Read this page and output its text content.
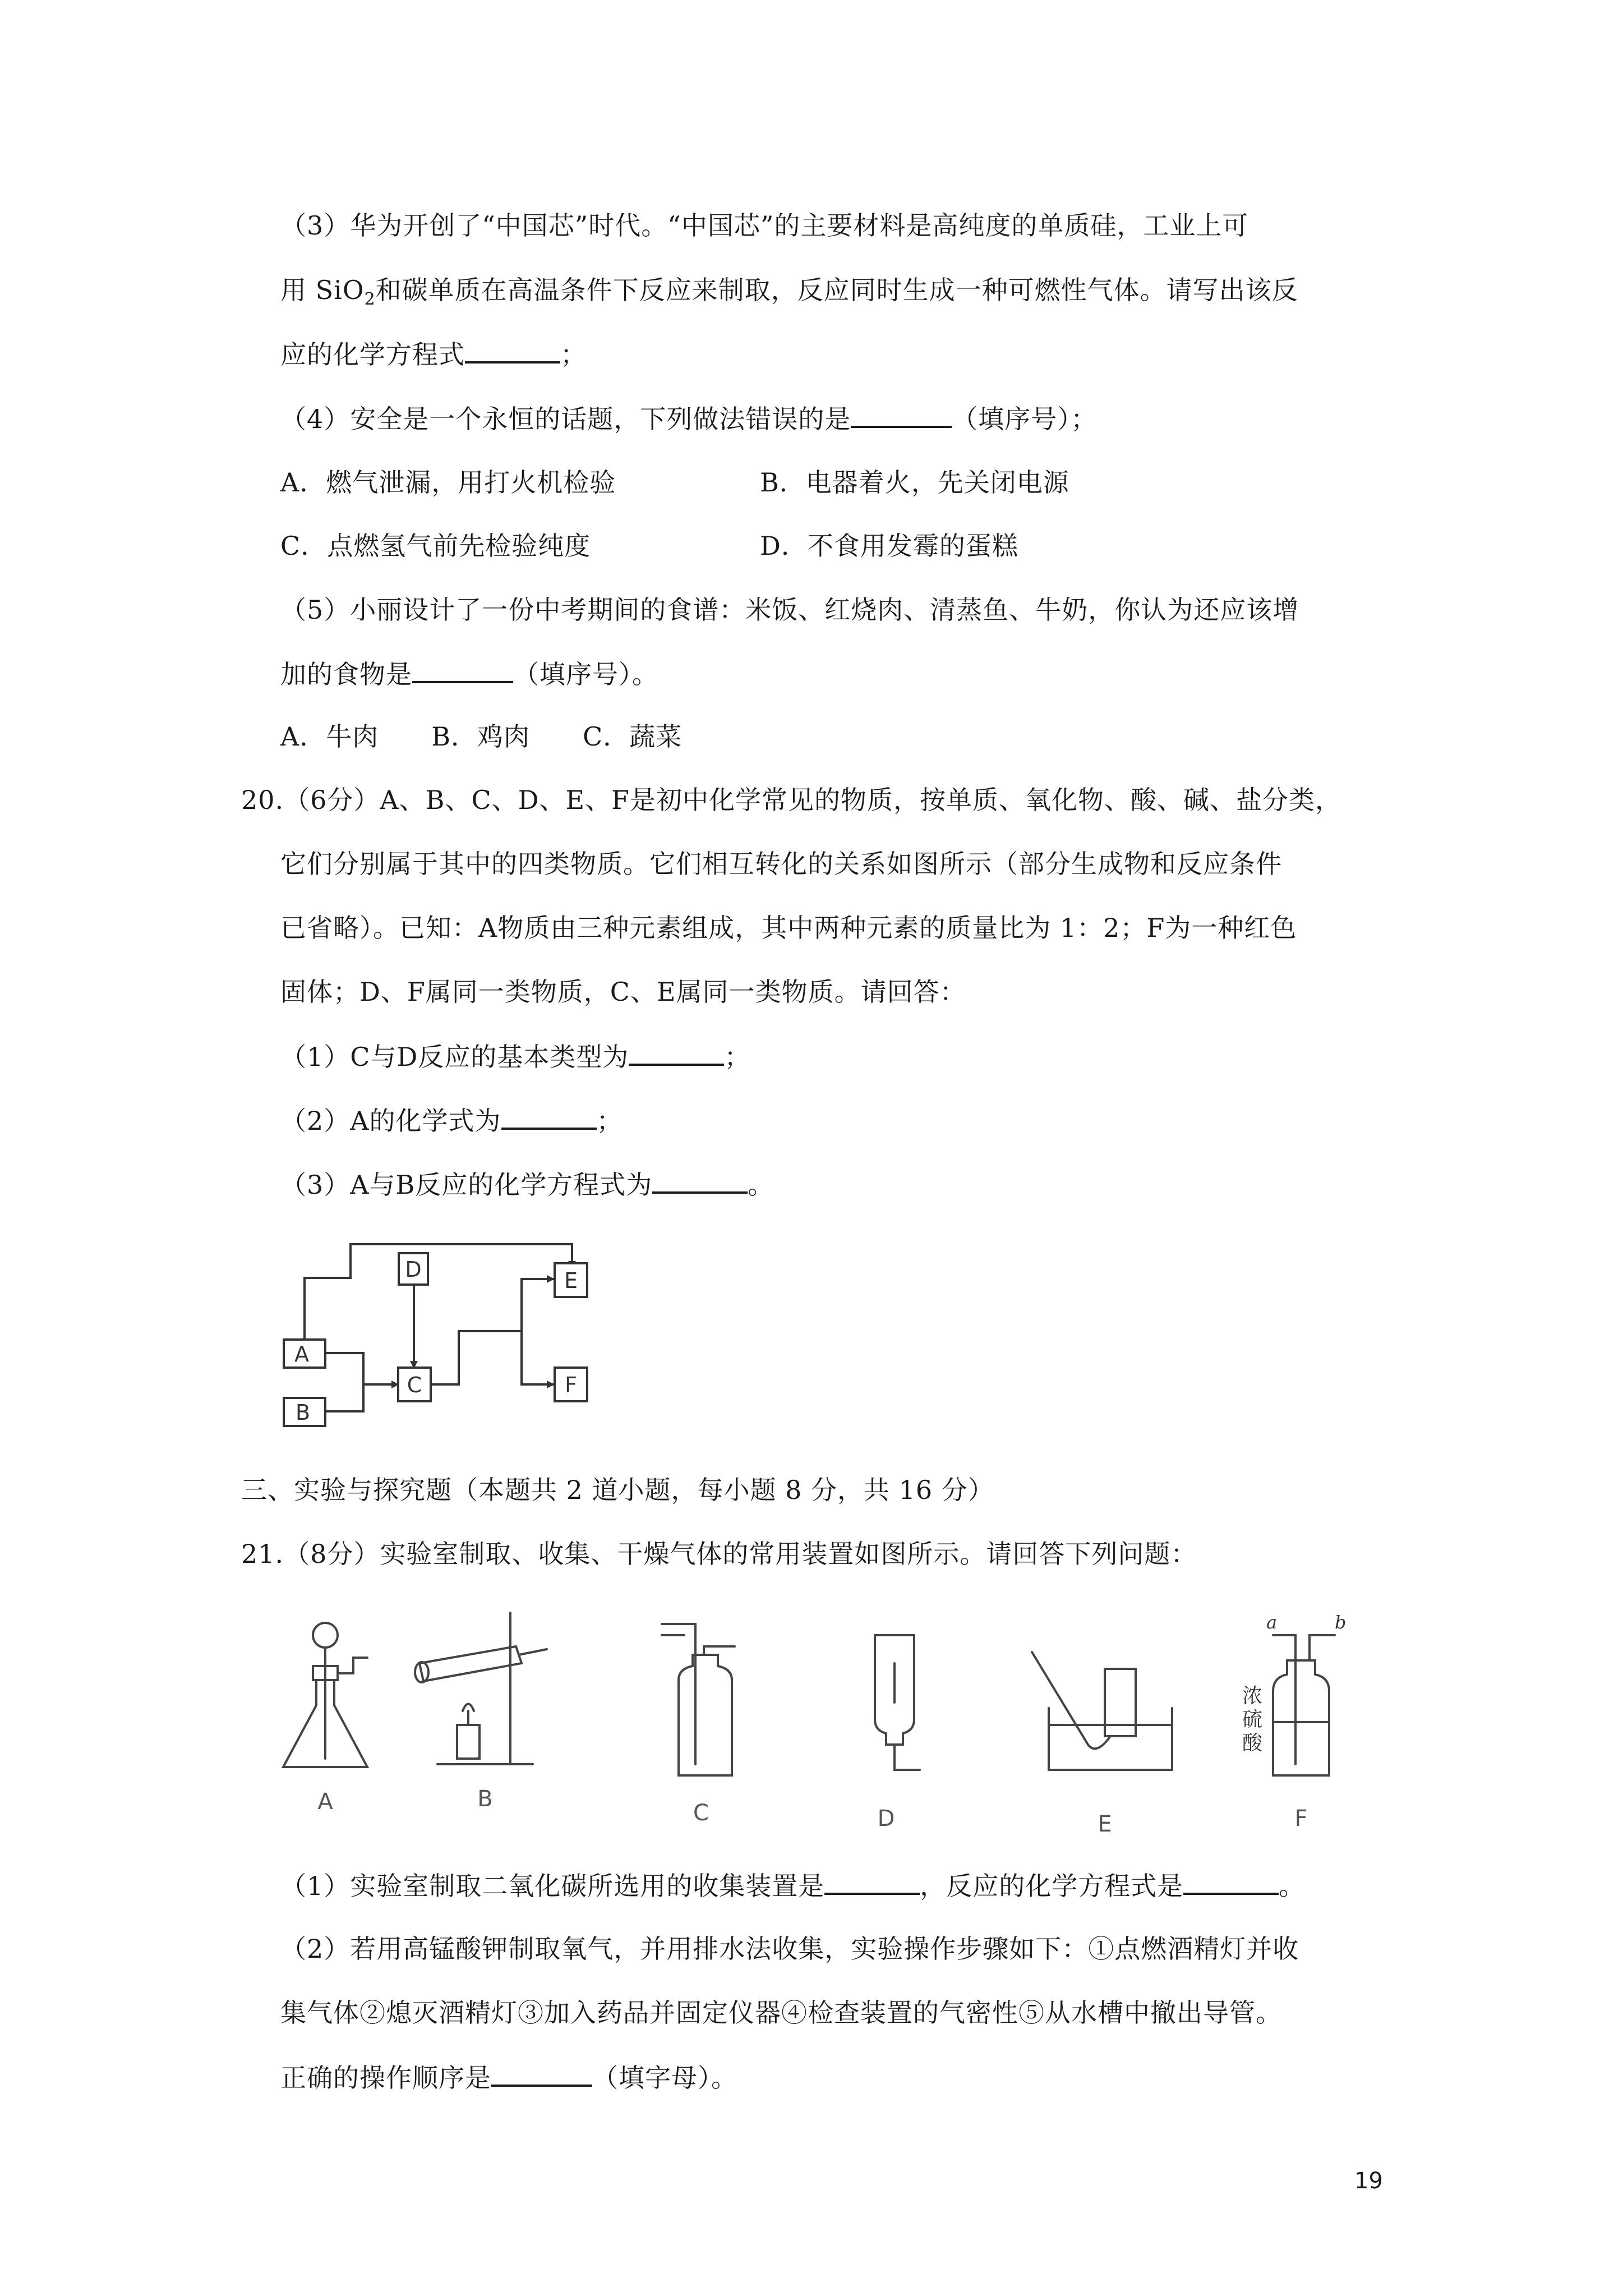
（3）华为开创了“中国芯”时代。“中国芯”的主要材料是高纯度的单质硅，工业上可
用 SiO$_2$和碳单质在高温条件下反应来制取，反应同时生成一种可燃性气体。请写出该反
应的化学方程式	；
（4）安全是一个永恒的话题，下列做法错误的是	（填序号）；
A．燃气泄漏，用打火机检验	B．电器着火，先关闭电源
C．点燃氢气前先检验纯度	D．不食用发霉的蛋糕
（5）小丽设计了一份中考期间的食谱：米饭、红烧肉、清蒸鱼、牛奶，你认为还应该增
加的食物是	（填序号）。
A．牛肉　　B．鸡肉　　C．蔬菜
20.（6分）A、B、C、D、E、F是初中化学常见的物质，按单质、氧化物、酸、碱、盐分类，
它们分别属于其中的四类物质。它们相互转化的关系如图所示（部分生成物和反应条件
已省略）。已知：A物质由三种元素组成，其中两种元素的质量比为 1：2；F为一种红色
固体；D、F属同一类物质，C、E属同一类物质。请回答：
（1）C与D反应的基本类型为	；
（2）A的化学式为	；
（3）A与B反应的化学方程式为	。
A
B
C
D	E
F
三、实验与探究题（本题共 2 道小题，每小题 8 分，共 16 分）
21.（8分）实验室制取、收集、干燥气体的常用装置如图所示。请回答下列问题：
A	B
C	D	E	F
a	b
浓
硫
酸
（1）实验室制取二氧化碳所选用的收集装置是	，反应的化学方程式是	。
（2）若用高锰酸钾制取氧气，并用排水法收集，实验操作步骤如下：①点燃酒精灯并收
集气体②熄灭酒精灯③加入药品并固定仪器④检查装置的气密性⑤从水槽中撤出导管。
正确的操作顺序是	（填字母）。
19
